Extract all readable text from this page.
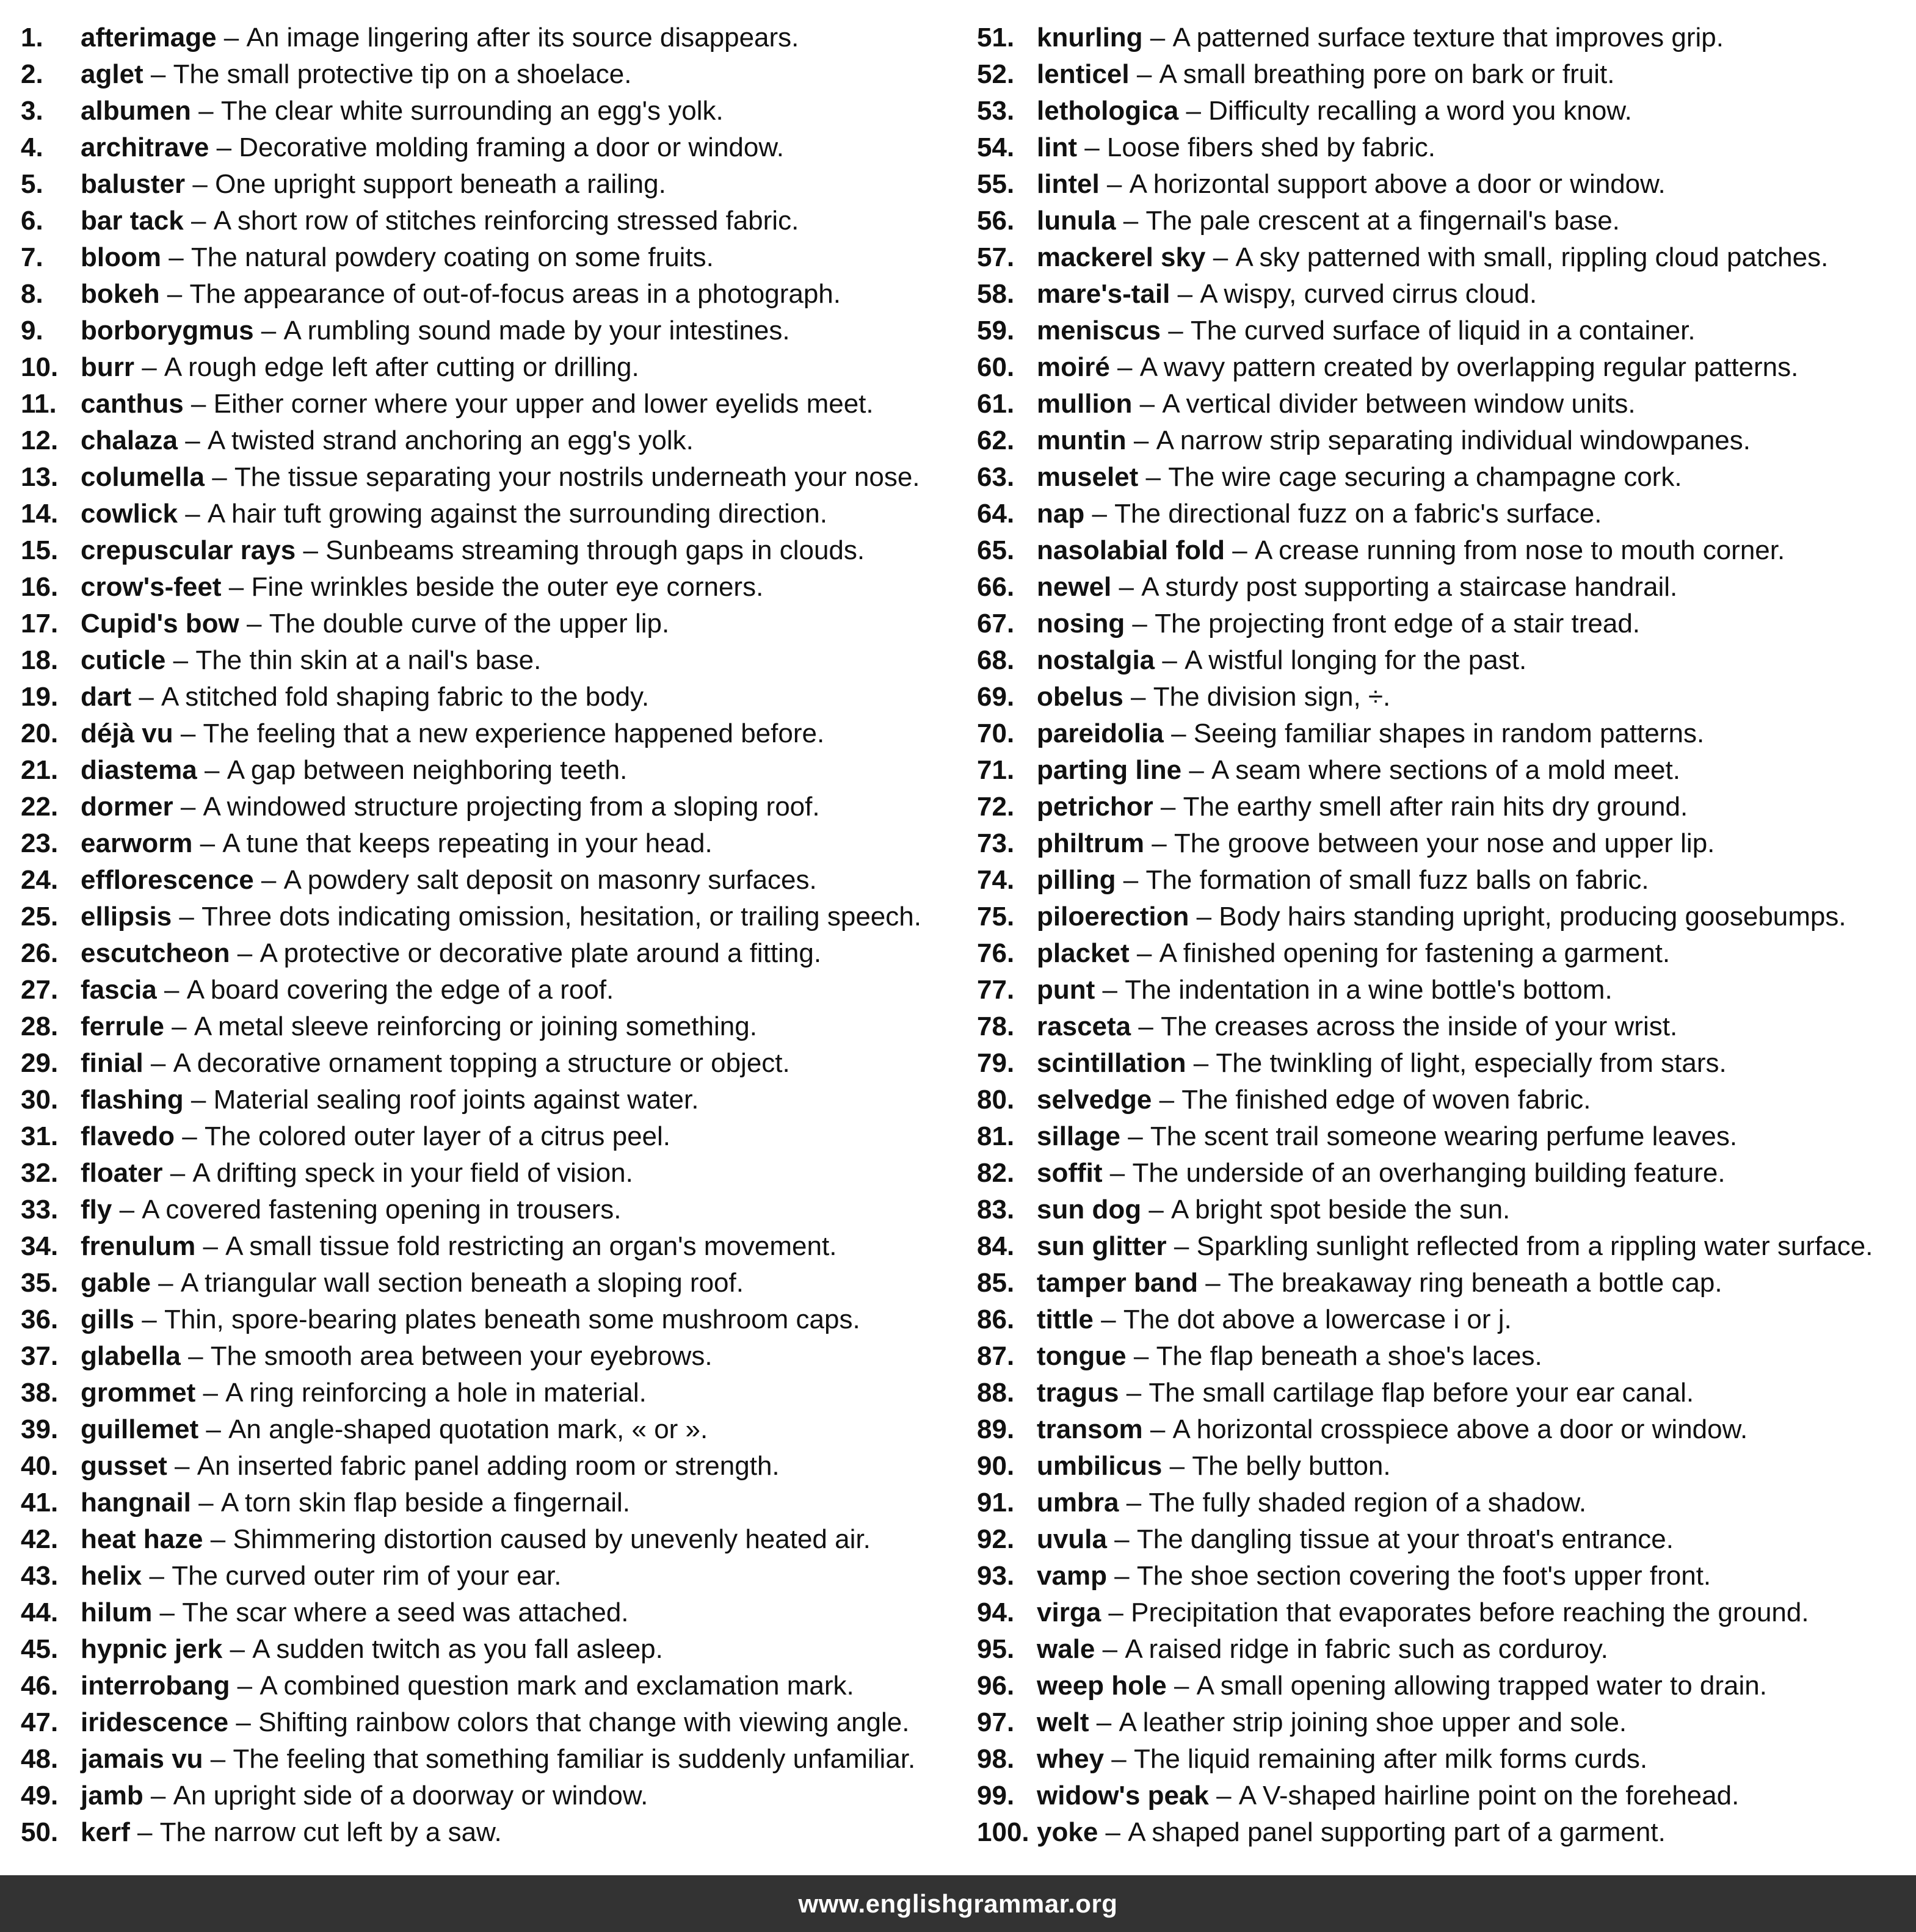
1.	afterimage – An image lingering after its source disappears.
2.	aglet – The small protective tip on a shoelace.
3.	albumen – The clear white surrounding an egg's yolk.
4.	architrave – Decorative molding framing a door or window.
5.	baluster – One upright support beneath a railing.
6.	bar tack – A short row of stitches reinforcing stressed fabric.
7.	bloom – The natural powdery coating on some fruits.
8.	bokeh – The appearance of out-of-focus areas in a photograph.
9.	borborygmus – A rumbling sound made by your intestines.
10. burr – A rough edge left after cutting or drilling.
11. canthus – Either corner where your upper and lower eyelids meet.
12. chalaza – A twisted strand anchoring an egg's yolk.
13. columella – The tissue separating your nostrils underneath your nose.
14. cowlick – A hair tuft growing against the surrounding direction.
15. crepuscular rays – Sunbeams streaming through gaps in clouds.
16. crow's-feet – Fine wrinkles beside the outer eye corners.
17. Cupid's bow – The double curve of the upper lip.
18. cuticle – The thin skin at a nail's base.
19. dart – A stitched fold shaping fabric to the body.
20. déjà vu – The feeling that a new experience happened before.
21. diastema – A gap between neighboring teeth.
22. dormer – A windowed structure projecting from a sloping roof.
23. earworm – A tune that keeps repeating in your head.
24. efflorescence – A powdery salt deposit on masonry surfaces.
25. ellipsis – Three dots indicating omission, hesitation, or trailing speech.
26. escutcheon – A protective or decorative plate around a fitting.
27. fascia – A board covering the edge of a roof.
28. ferrule – A metal sleeve reinforcing or joining something.
29. finial – A decorative ornament topping a structure or object.
30. flashing – Material sealing roof joints against water.
31. flavedo – The colored outer layer of a citrus peel.
32. floater – A drifting speck in your field of vision.
33. fly – A covered fastening opening in trousers.
34. frenulum – A small tissue fold restricting an organ's movement.
35. gable – A triangular wall section beneath a sloping roof.
36. gills – Thin, spore-bearing plates beneath some mushroom caps.
37. glabella – The smooth area between your eyebrows.
38. grommet – A ring reinforcing a hole in material.
39. guillemet – An angle-shaped quotation mark, « or ».
40. gusset – An inserted fabric panel adding room or strength.
41. hangnail – A torn skin flap beside a fingernail.
42. heat haze – Shimmering distortion caused by unevenly heated air.
43. helix – The curved outer rim of your ear.
44. hilum – The scar where a seed was attached.
45. hypnic jerk – A sudden twitch as you fall asleep.
46. interrobang – A combined question mark and exclamation mark.
47. iridescence – Shifting rainbow colors that change with viewing angle.
48. jamais vu – The feeling that something familiar is suddenly unfamiliar.
49. jamb – An upright side of a doorway or window.
50. kerf – The narrow cut left by a saw.
51. knurling – A patterned surface texture that improves grip.
52. lenticel – A small breathing pore on bark or fruit.
53. lethologica – Difficulty recalling a word you know.
54. lint – Loose fibers shed by fabric.
55. lintel – A horizontal support above a door or window.
56. lunula – The pale crescent at a fingernail's base.
57. mackerel sky – A sky patterned with small, rippling cloud patches.
58. mare's-tail – A wispy, curved cirrus cloud.
59. meniscus – The curved surface of liquid in a container.
60. moiré – A wavy pattern created by overlapping regular patterns.
61. mullion – A vertical divider between window units.
62. muntin – A narrow strip separating individual windowpanes.
63. muselet – The wire cage securing a champagne cork.
64. nap – The directional fuzz on a fabric's surface.
65. nasolabial fold – A crease running from nose to mouth corner.
66. newel – A sturdy post supporting a staircase handrail.
67. nosing – The projecting front edge of a stair tread.
68. nostalgia – A wistful longing for the past.
69. obelus – The division sign, ÷.
70. pareidolia – Seeing familiar shapes in random patterns.
71. parting line – A seam where sections of a mold meet.
72. petrichor – The earthy smell after rain hits dry ground.
73. philtrum – The groove between your nose and upper lip.
74. pilling – The formation of small fuzz balls on fabric.
75. piloerection – Body hairs standing upright, producing goosebumps.
76. placket – A finished opening for fastening a garment.
77. punt – The indentation in a wine bottle's bottom.
78. rasceta – The creases across the inside of your wrist.
79. scintillation – The twinkling of light, especially from stars.
80. selvedge – The finished edge of woven fabric.
81. sillage – The scent trail someone wearing perfume leaves.
82. soffit – The underside of an overhanging building feature.
83. sun dog – A bright spot beside the sun.
84. sun glitter – Sparkling sunlight reflected from a rippling water surface.
85. tamper band – The breakaway ring beneath a bottle cap.
86. tittle – The dot above a lowercase i or j.
87. tongue – The flap beneath a shoe's laces.
88. tragus – The small cartilage flap before your ear canal.
89. transom – A horizontal crosspiece above a door or window.
90. umbilicus – The belly button.
91. umbra – The fully shaded region of a shadow.
92. uvula – The dangling tissue at your throat's entrance.
93. vamp – The shoe section covering the foot's upper front.
94. virga – Precipitation that evaporates before reaching the ground.
95. wale – A raised ridge in fabric such as corduroy.
96. weep hole – A small opening allowing trapped water to drain.
97. welt – A leather strip joining shoe upper and sole.
98. whey – The liquid remaining after milk forms curds.
99. widow's peak – A V-shaped hairline point on the forehead.
100. yoke – A shaped panel supporting part of a garment.
www.englishgrammar.org
